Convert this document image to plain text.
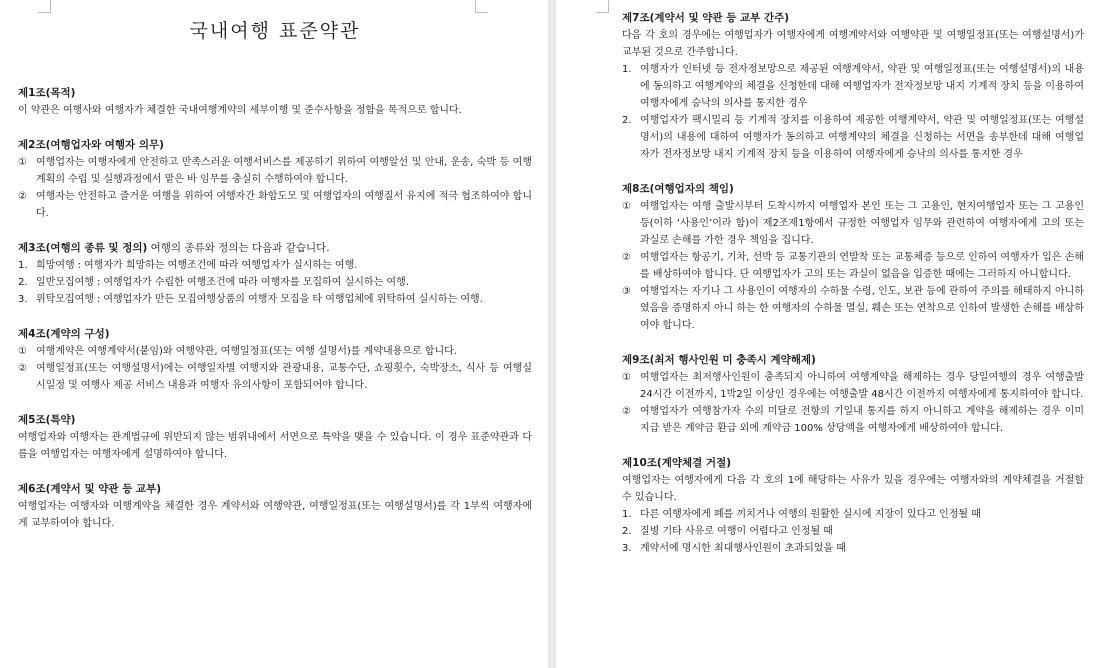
국내여행 표준약관

제1조(목적)

이 약관은 여행사와 여행자가 체결한 국내여행계약의 세부이행 및 준수사항을 정함을 목적으로 합니다.

제2조(여행업자와 여행자 의무)

① 여행업자는 여행자에게 안전하고 만족스러운 여행서비스를 제공하기 위하여 여행알선 및 안내, 운송, 숙박 등 여행계획의 수립 및 실행과정에서 맡은 바 임무를 충실히 수행하여야 합니다.
② 여행자는 안전하고 즐거운 여행을 위하여 여행자간 화합도모 및 여행업자의 여행질서 유지에 적극 협조하여야 합니다.

제3조(여행의 종류 및 정의) 여행의 종류와 정의는 다음과 같습니다.

1. 희망여행 : 여행자가 희망하는 여행조건에 따라 여행업자가 실시하는 여행.
2. 일반모집여행 : 여행업자가 수립한 여행조건에 따라 여행자를 모집하여 실시하는 여행.
3. 위탁모집여행 : 여행업자가 만든 모집여행상품의 여행자 모집을 타 여행업체에 위탁하여 실시하는 여행.

제4조(계약의 구성)

① 여행계약은 여행계약서(붙임)와 여행약관, 여행일정표(또는 여행 설명서)를 계약내용으로 합니다.
② 여행일정표(또는 여행설명서)에는 여행일자별 여행지와 관광내용, 교통수단, 쇼핑횟수, 숙박장소, 식사 등 여행실시일정 및 여행사 제공 서비스 내용과 여행자 유의사항이 포함되어야 합니다.

제5조(특약)

여행업자와 여행자는 관계법규에 위반되지 않는 범위내에서 서면으로 특약을 맺을 수 있습니다. 이 경우 표준약관과 다름을 여행업자는 여행자에게 설명하여야 합니다.

제6조(계약서 및 약관 등 교부)

여행업자는 여행자와 여행계약을 체결한 경우 계약서와 여행약관, 여행일정표(또는 여행설명서)를 각 1부씩 여행자에게 교부하여야 합니다.

제7조(계약서 및 약관 등 교부 간주)

다음 각 호의 경우에는 여행업자가 여행자에게 여행계약서와 여행약관 및 여행일정표(또는 여행설명서)가 교부된 것으로 간주합니다.

1. 여행자가 인터넷 등 전자정보망으로 제공된 여행계약서, 약관 및 여행일정표(또는 여행설명서)의 내용에 동의하고 여행계약의 체결을 신청한데 대해 여행업자가 전자정보망 내지 기계적 장치 등을 이용하여 여행자에게 승낙의 의사를 통지한 경우
2. 여행업자가 팩시밀리 등 기계적 장치를 이용하여 제공한 여행계약서, 약관 및 여행일정표(또는 여행설명서)의 내용에 대하여 여행자가 동의하고 여행계약의 체결을 신청하는 서면을 송부한데 대해 여행업자가 전자정보망 내지 기계적 장치 등을 이용하여 여행자에게 승낙의 의사를 통지한 경우

제8조(여행업자의 책임)

① 여행업자는 여행 출발시부터 도착시까지 여행업자 본인 또는 그 고용인, 현지여행업자 또는 그 고용인 등(이하 ‘사용인’이라 함)이 제2조제1항에서 규정한 여행업자 임무와 관련하여 여행자에게 고의 또는 과실로 손해를 가한 경우 책임을 집니다.
② 여행업자는 항공기, 기차, 선박 등 교통기관의 연발착 또는 교통체증 등으로 인하여 여행자가 입은 손해를 배상하여야 합니다. 단 여행업자가 고의 또는 과실이 없음을 입증한 때에는 그러하지 아니합니다.
③ 여행업자는 자기나 그 사용인이 여행자의 수하물 수령, 인도, 보관 등에 관하여 주의를 해태하지 아니하였음을 증명하지 아니 하는 한 여행자의 수하물 멸실, 훼손 또는 연착으로 인하여 발생한 손해를 배상하여야 합니다.

제9조(최저 행사인원 미 충족시 계약해제)

① 여행업자는 최저행사인원이 충족되지 아니하여 여행계약을 해제하는 경우 당일여행의 경우 여행출발 24시간 이전까지, 1박2일 이상인 경우에는 여행출발 48시간 이전까지 여행자에게 통지하여야 합니다.
② 여행업자가 여행참가자 수의 미달로 전항의 기일내 통지를 하지 아니하고 계약을 해제하는 경우 이미 지급 받은 계약금 환급 외에 계약금 100% 상당액을 여행자에게 배상하여야 합니다.

제10조(계약체결 거절)

여행업자는 여행자에게 다음 각 호의 1에 해당하는 사유가 있을 경우에는 여행자와의 계약체결을 거절할 수 있습니다.

1. 다른 여행자에게 폐를 끼치거나 여행의 원활한 실시에 지장이 있다고 인정될 때
2. 질병 기타 사유로 여행이 어렵다고 인정될 때
3. 계약서에 명시한 최대행사인원이 초과되었을 때
